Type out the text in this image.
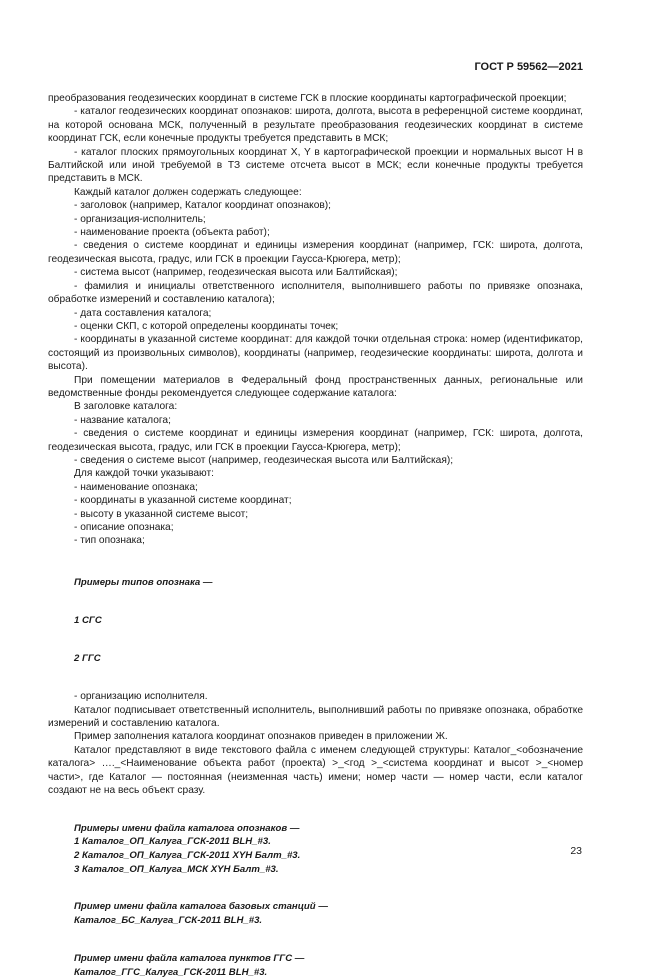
ГОСТ Р 59562—2021

преобразования геодезических координат в системе ГСК в плоские координаты картографической проекции;

- каталог геодезических координат опознаков: широта, долгота, высота в референцной системе координат, на которой основана МСК, полученный в результате преобразования геодезических координат в системе координат ГСК, если конечные продукты требуется представить в МСК;

- каталог плоских прямоугольных координат X, Y в картографической проекции и нормальных высот H в Балтийской или иной требуемой в ТЗ системе отсчета высот в МСК; если конечные продукты требуется представить в МСК.

Каждый каталог должен содержать следующее:

- заголовок (например, Каталог координат опознаков);

- организация-исполнитель;

- наименование проекта (объекта работ);

- сведения о системе координат и единицы измерения координат (например, ГСК: широта, долгота, геодезическая высота, градус, или ГСК в проекции Гаусса-Крюгера, метр);

- система высот (например, геодезическая высота или Балтийская);

- фамилия и инициалы ответственного исполнителя, выполнившего работы по привязке опознака, обработке измерений и составлению каталога);

- дата составления каталога;

- оценки СКП, с которой определены координаты точек;

- координаты в указанной системе координат: для каждой точки отдельная строка: номер (идентификатор, состоящий из произвольных символов), координаты (например, геодезические координаты: широта, долгота и высота).

При помещении материалов в Федеральный фонд пространственных данных, региональные или ведомственные фонды рекомендуется следующее содержание каталога:

В заголовке каталога:

- название каталога;

- сведения о системе координат и единицы измерения координат (например, ГСК: широта, долгота, геодезическая высота, градус, или ГСК в проекции Гаусса-Крюгера, метр);

- сведения о системе высот (например, геодезическая высота или Балтийская);

Для каждой точки указывают:

- наименование опознака;

- координаты в указанной системе координат;

- высоту в указанной системе высот;

- описание опознака;

- тип опознака;

Примеры типов опознака —

1 СГС

2 ГГС

- организацию исполнителя.

Каталог подписывает ответственный исполнитель, выполнивший работы по привязке опознака, обработке измерений и составлению каталога.

Пример заполнения каталога координат опознаков приведен в приложении Ж.

Каталог представляют в виде текстового файла с именем следующей структуры: Каталог_<обозначение каталога> …._<Наименование объекта работ (проекта) >_<год >_<система координат и высот >_<номер части>, где Каталог — постоянная (неизменная часть) имени; номер части — номер части, если каталог создают не на весь объект сразу.

Примеры имени файла каталога опознаков —

1 Каталог_ОП_Калуга_ГСК-2011 BLH_#3.

2 Каталог_ОП_Калуга_ГСК-2011 XYH Балт_#3.

3 Каталог_ОП_Калуга_МСК XYH Балт_#3.

Пример имени файла каталога базовых станций —

Каталог_БС_Калуга_ГСК-2011 BLH_#3.

Пример имени файла каталога пунктов ГГС —

Каталог_ГГС_Калуга_ГСК-2011 BLH_#3.

23
